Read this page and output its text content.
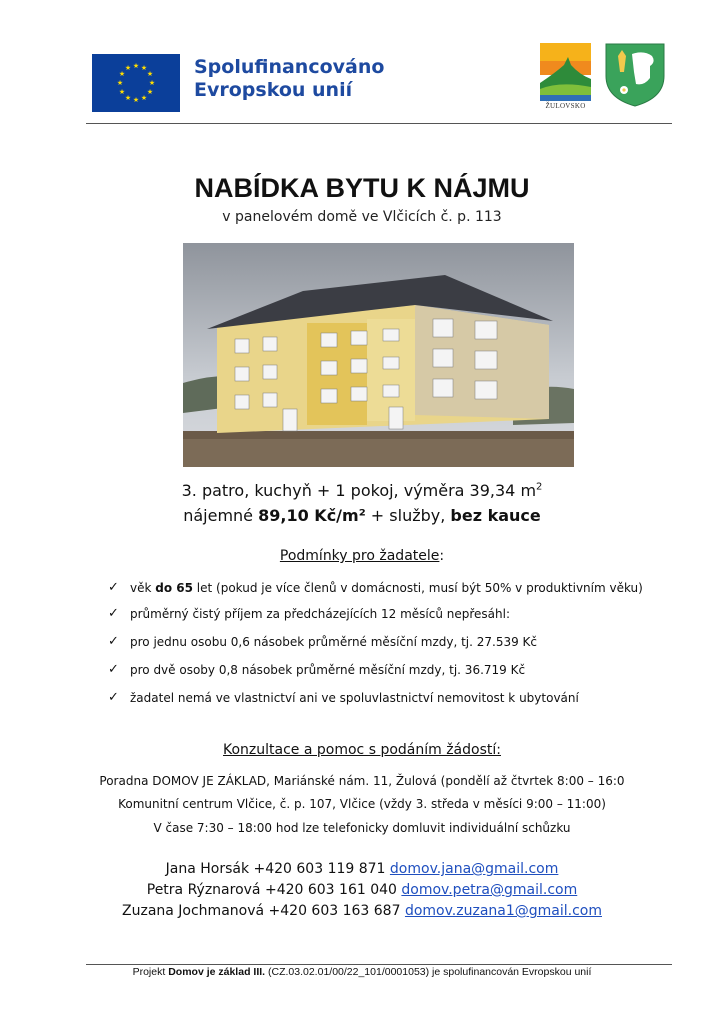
★ ★
★
★
★
★
★
★
★
★
★
★	Spolufinancováno
Evropskou unií
ŽULOVSKO
NABÍDKA BYTU K NÁJMU
v panelovém domě ve Vlčicích č. p. 113
3. patro, kuchyň + 1 pokoj, výměra 39,34 $m^2$
nájemné 89,10 Kč/m² + služby, bez kauce
Podmínky pro žadatele:
✓ věk do 65 let (pokud je více členů v domácnosti, musí být 50% v produktivním věku)
✓ průměrný čistý příjem za předcházejících 12 měsíců nepřesáhl:
✓ pro jednu osobu 0,6 násobek průměrné měsíční mzdy, tj. 27.539 Kč
✓ pro dvě osoby 0,8 násobek průměrné měsíční mzdy, tj. 36.719 Kč
✓ žadatel nemá ve vlastnictví ani ve spoluvlastnictví nemovitost k ubytování
Konzultace a pomoc s podáním žádostí:
Poradna DOMOV JE ZÁKLAD, Mariánské nám. 11, Žulová (pondělí až čtvrtek 8:00 – 16:0
Komunitní centrum Vlčice, č. p. 107, Vlčice (vždy 3. středa v měsíci 9:00 – 11:00)
V čase 7:30 – 18:00 hod lze telefonicky domluvit individuální schůzku
Jana Horsák +420 603 119 871 domov.jana@gmail.com
Petra Rýznarová +420 603 161 040 domov.petra@gmail.com
Zuzana Jochmanová +420 603 163 687 domov.zuzana1@gmail.com
Projekt Domov je základ III. (CZ.03.02.01/00/22_101/0001053) je spolufinancován Evropskou unií
